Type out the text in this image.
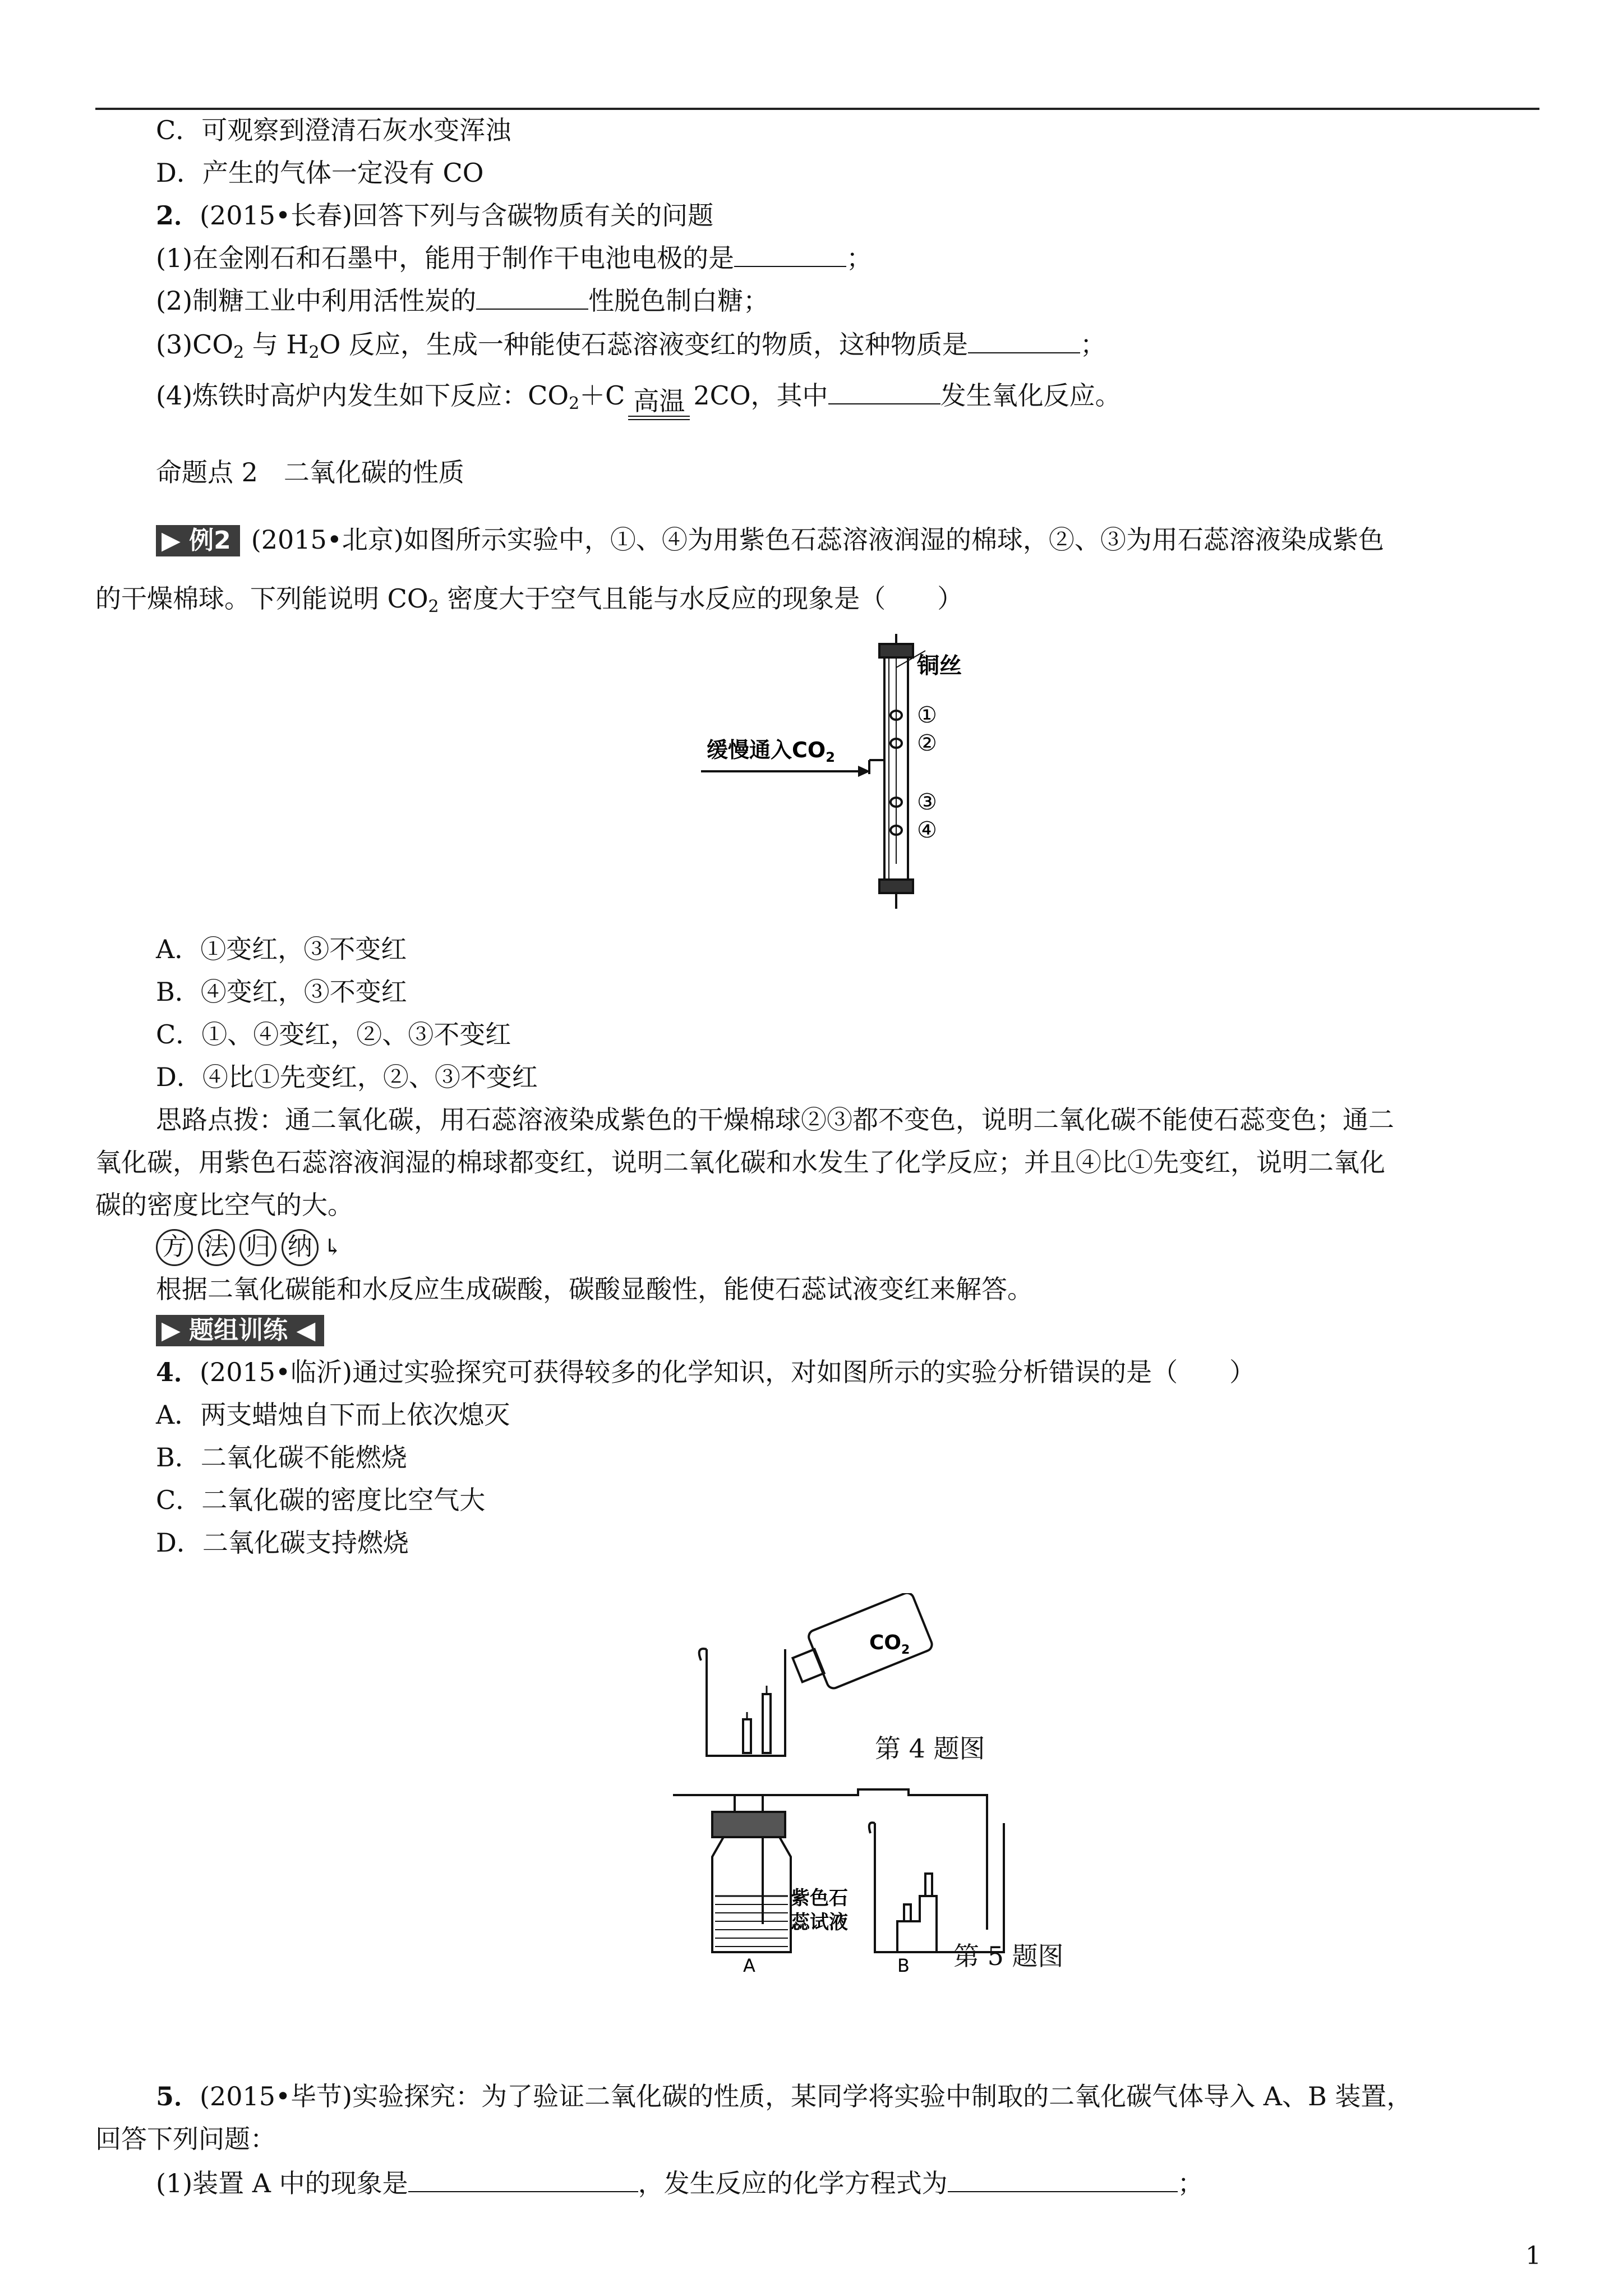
C．可观察到澄清石灰水变浑浊
D．产生的气体一定没有 CO
2．(2015•长春)回答下列与含碳物质有关的问题
(1)在金刚石和石墨中，能用于制作干电池电极的是	；
(2)制糖工业中利用活性炭的	性脱色制白糖；
$(3)CO_2$ 与 $H_2O$ 反应，生成一种能使石蕊溶液变红的物质，这种物质是	；
(4)炼铁时高炉内发生如下反应：$CO_2+C$ 高温 2CO，其中	发生氧化反应。
命题点 2　二氧化碳的性质
▶ 例2 (2015•北京)如图所示实验中，①、④为用紫色石蕊溶液润湿的棉球，②、③为用石蕊溶液染成紫色
的干燥棉球。下列能说明 $CO_2$ 密度大于空气且能与水反应的现象是（　　）
铜丝
缓慢通入$CO_2$
①
②
③
④
A．①变红，③不变红
B．④变红，③不变红
C．①、④变红，②、③不变红
D．④比①先变红，②、③不变红
思路点拨：通二氧化碳，用石蕊溶液染成紫色的干燥棉球②③都不变色，说明二氧化碳不能使石蕊变色；通二
氧化碳，用紫色石蕊溶液润湿的棉球都变红，说明二氧化碳和水发生了化学反应；并且④比①先变红，说明二氧化
碳的密度比空气的大。
方 法 归 纳 ↳
根据二氧化碳能和水反应生成碳酸，碳酸显酸性，能使石蕊试液变红来解答。
▶ 题组训练 ◀
4．(2015•临沂)通过实验探究可获得较多的化学知识，对如图所示的实验分析错误的是（　　）
A．两支蜡烛自下而上依次熄灭
B．二氧化碳不能燃烧
C．二氧化碳的密度比空气大
D．二氧化碳支持燃烧
$CO_2$
第 4 题图
紫色石
蕊试液
A	B 第 5 题图
5．(2015•毕节)实验探究：为了验证二氧化碳的性质，某同学将实验中制取的二氧化碳气体导入 A、B 装置，
回答下列问题：
(1)装置 A 中的现象是	，发生反应的化学方程式为	；
1
